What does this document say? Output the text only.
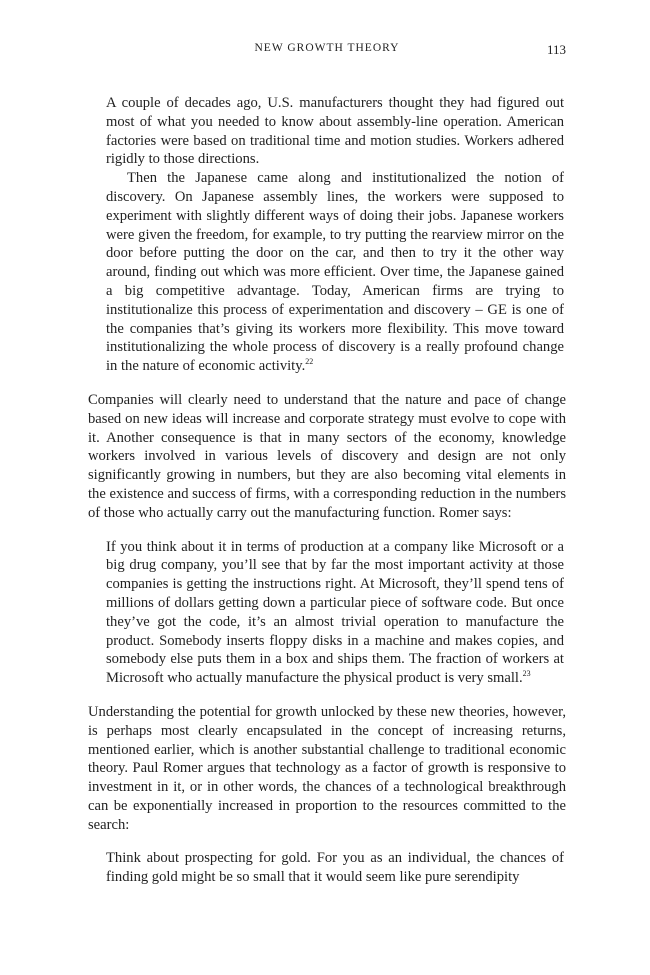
NEW GROWTH THEORY	113

A couple of decades ago, U.S. manufacturers thought they had figured out most of what you needed to know about assembly-line operation. American factories were based on traditional time and motion studies. Workers adhered rigidly to those directions.

Then the Japanese came along and institutionalized the notion of discovery. On Japanese assembly lines, the workers were supposed to experiment with slightly different ways of doing their jobs. Japanese workers were given the freedom, for example, to try putting the rearview mirror on the door before putting the door on the car, and then to try it the other way around, finding out which was more efficient. Over time, the Japanese gained a big competitive advantage. Today, American firms are trying to institutionalize this process of experimentation and discovery – GE is one of the companies that’s giving its workers more flexibility. This move toward institutionalizing the whole process of discovery is a really profound change in the nature of economic activity.$^{22}$

Companies will clearly need to understand that the nature and pace of change based on new ideas will increase and corporate strategy must evolve to cope with it. Another consequence is that in many sectors of the economy, knowledge workers involved in various levels of discovery and design are not only significantly growing in numbers, but they are also becoming vital elements in the existence and success of firms, with a corresponding reduction in the numbers of those who actually carry out the manufacturing function. Romer says:

If you think about it in terms of production at a company like Microsoft or a big drug company, you’ll see that by far the most important activity at those companies is getting the instructions right. At Microsoft, they’ll spend tens of millions of dollars getting down a particular piece of software code. But once they’ve got the code, it’s an almost trivial operation to manufacture the product. Somebody inserts floppy disks in a machine and makes copies, and somebody else puts them in a box and ships them. The fraction of workers at Microsoft who actually manufacture the physical product is very small.$^{23}$

Understanding the potential for growth unlocked by these new theories, however, is perhaps most clearly encapsulated in the concept of increasing returns, mentioned earlier, which is another substantial challenge to traditional economic theory. Paul Romer argues that technology as a factor of growth is responsive to investment in it, or in other words, the chances of a technological breakthrough can be exponentially increased in proportion to the resources committed to the search:

Think about prospecting for gold. For you as an individual, the chances of finding gold might be so small that it would seem like pure serendipity
